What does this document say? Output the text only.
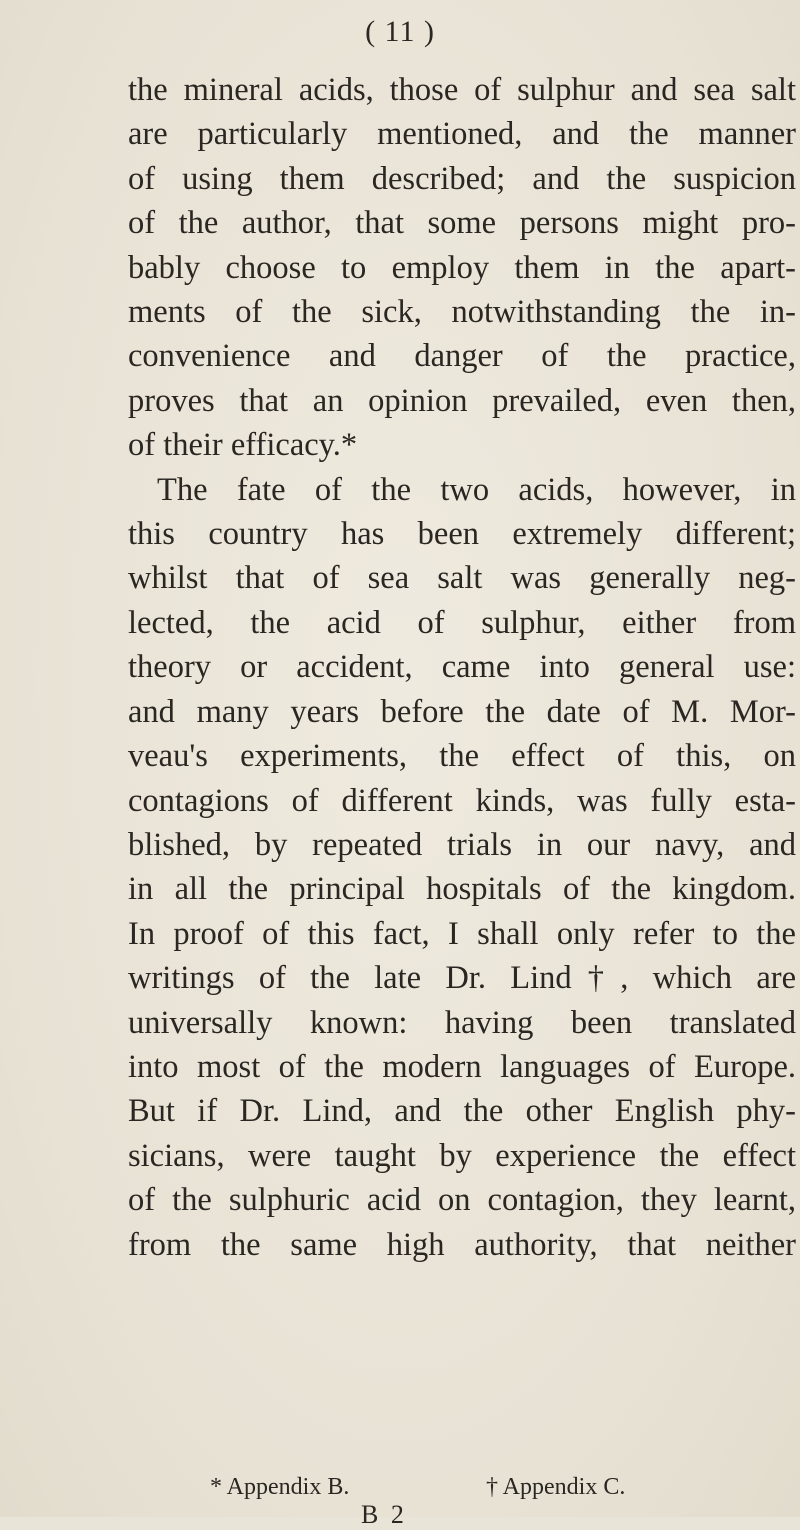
( 11 )
the mineral acids, those of sulphur and sea salt
are particularly mentioned, and the manner
of using them described; and the suspicion
of the author, that some persons might pro-
bably choose to employ them in the apart-
ments of the sick, notwithstanding the in-
convenience and danger of the practice,
proves that an opinion prevailed, even then,
of their efficacy.*
The fate of the two acids, however, in
this country has been extremely different;
whilst that of sea salt was generally neg-
lected, the acid of sulphur, either from
theory or accident, came into general use:
and many years before the date of M. Mor-
veau's experiments, the effect of this, on
contagions of different kinds, was fully esta-
blished, by repeated trials in our navy, and
in all the principal hospitals of the kingdom.
In proof of this fact, I shall only refer to the
writings of the late Dr. Lind†, which are
universally known: having been translated
into most of the modern languages of Europe.
But if Dr. Lind, and the other English phy-
sicians, were taught by experience the effect
of the sulphuric acid on contagion, they learnt,
from the same high authority, that neither
* Appendix B.	† Appendix C.
B 2
